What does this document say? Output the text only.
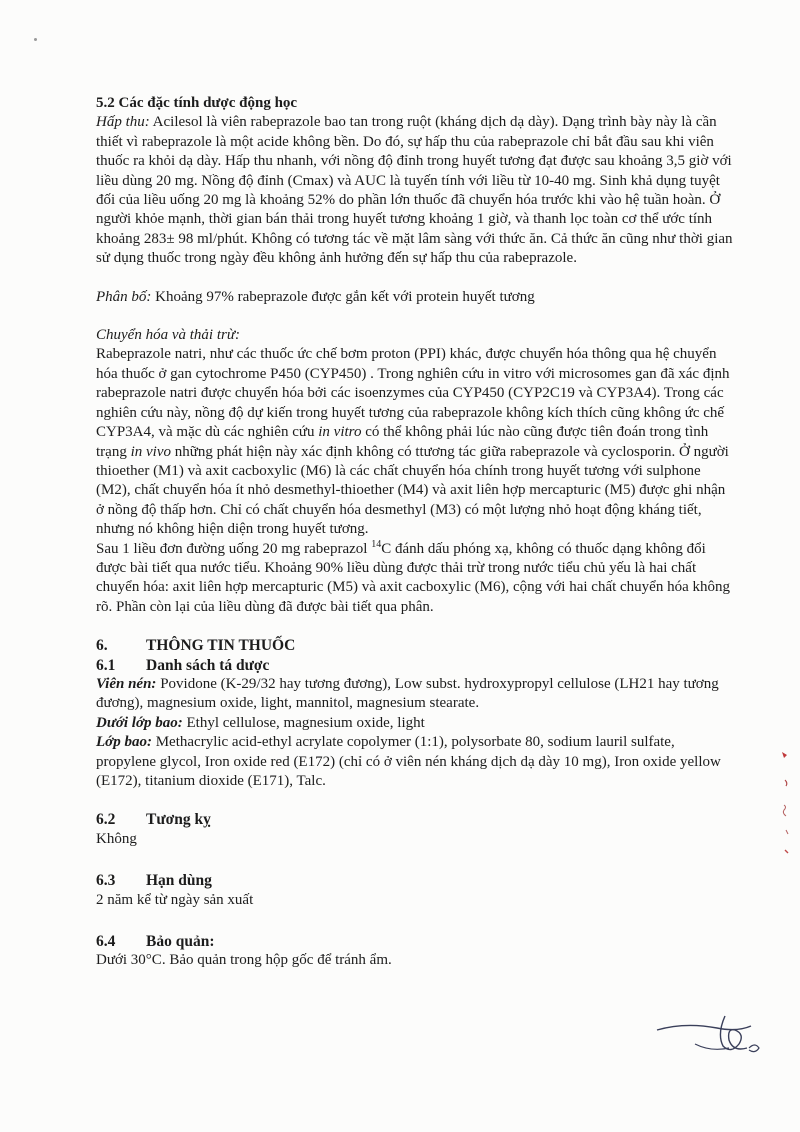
5.2 Các đặc tính dược động học

Hấp thu: Acilesol là viên rabeprazole bao tan trong ruột (kháng dịch dạ dày). Dạng trình bày này là cần thiết vì rabeprazole là một acide không bền. Do đó, sự hấp thu của rabeprazole chỉ bắt đầu sau khi viên thuốc ra khỏi dạ dày. Hấp thu nhanh, với nồng độ đỉnh trong huyết tương đạt được sau khoảng 3,5 giờ với liều dùng 20 mg. Nồng độ đỉnh (Cmax) và AUC là tuyến tính với liều từ 10-40 mg. Sinh khả dụng tuyệt đối của liều uống 20 mg là khoảng 52% do phần lớn thuốc đã chuyển hóa trước khi vào hệ tuần hoàn. Ở người khỏe mạnh, thời gian bán thải trong huyết tương khoảng 1 giờ, và thanh lọc toàn cơ thể ước tính khoảng 283± 98 ml/phút. Không có tương tác về mặt lâm sàng với thức ăn. Cả thức ăn cũng như thời gian sử dụng thuốc trong ngày đều không ảnh hưởng đến sự hấp thu của rabeprazole.

Phân bố: Khoảng 97% rabeprazole được gắn kết với protein huyết tương

Chuyển hóa và thải trừ:

Rabeprazole natri, như các thuốc ức chế bơm proton (PPI) khác, được chuyển hóa thông qua hệ chuyển hóa thuốc ở gan cytochrome P450 (CYP450) . Trong nghiên cứu in vitro với microsomes gan đã xác định rabeprazole natri được chuyển hóa bởi các isoenzymes của CYP450 (CYP2C19 và CYP3A4). Trong các nghiên cứu này, nồng độ dự kiến trong huyết tương của rabeprazole không kích thích cũng không ức chế CYP3A4, và mặc dù các nghiên cứu in vitro có thể không phải lúc nào cũng được tiên đoán trong tình trạng in vivo những phát hiện này xác định không có ttương tác giữa rabeprazole và cyclosporin. Ở người thioether (M1) và axit cacboxylic (M6) là các chất chuyển hóa chính trong huyết tương với sulphone (M2), chất chuyển hóa ít nhỏ desmethyl-thioether (M4) và axit liên hợp mercapturic (M5) được ghi nhận ở nồng độ thấp hơn. Chỉ có chất chuyển hóa desmethyl (M3) có một lượng nhỏ hoạt động kháng tiết, nhưng nó không hiện diện trong huyết tương.

Sau 1 liều đơn đường uống 20 mg rabeprazol $^{14}$C đánh dấu phóng xạ, không có thuốc dạng không đổi được bài tiết qua nước tiểu. Khoảng 90% liều dùng được thải trừ trong nước tiểu chủ yếu là hai chất chuyển hóa: axit liên hợp mercapturic (M5) và axit cacboxylic (M6), cộng với hai chất chuyển hóa không rõ. Phần còn lại của liều dùng đã được bài tiết qua phân.

6.	THÔNG TIN THUỐC
6.1	Danh sách tá dược

Viên nén: Povidone (K-29/32 hay tương đương), Low subst. hydroxypropyl cellulose (LH21 hay tương đương), magnesium oxide, light, mannitol, magnesium stearate.

Dưới lớp bao: Ethyl cellulose, magnesium oxide, light

Lớp bao: Methacrylic acid-ethyl acrylate copolymer (1:1), polysorbate 80, sodium lauril sulfate, propylene glycol, Iron oxide red (E172) (chỉ có ở viên nén kháng dịch dạ dày 10 mg), Iron oxide yellow (E172), titanium dioxide (E171), Talc.

6.2	Tương kỵ

Không

6.3	Hạn dùng

2 năm kể từ ngày sản xuất

6.4	Bảo quản:

Dưới 30°C. Bảo quản trong hộp gốc để tránh ẩm.
